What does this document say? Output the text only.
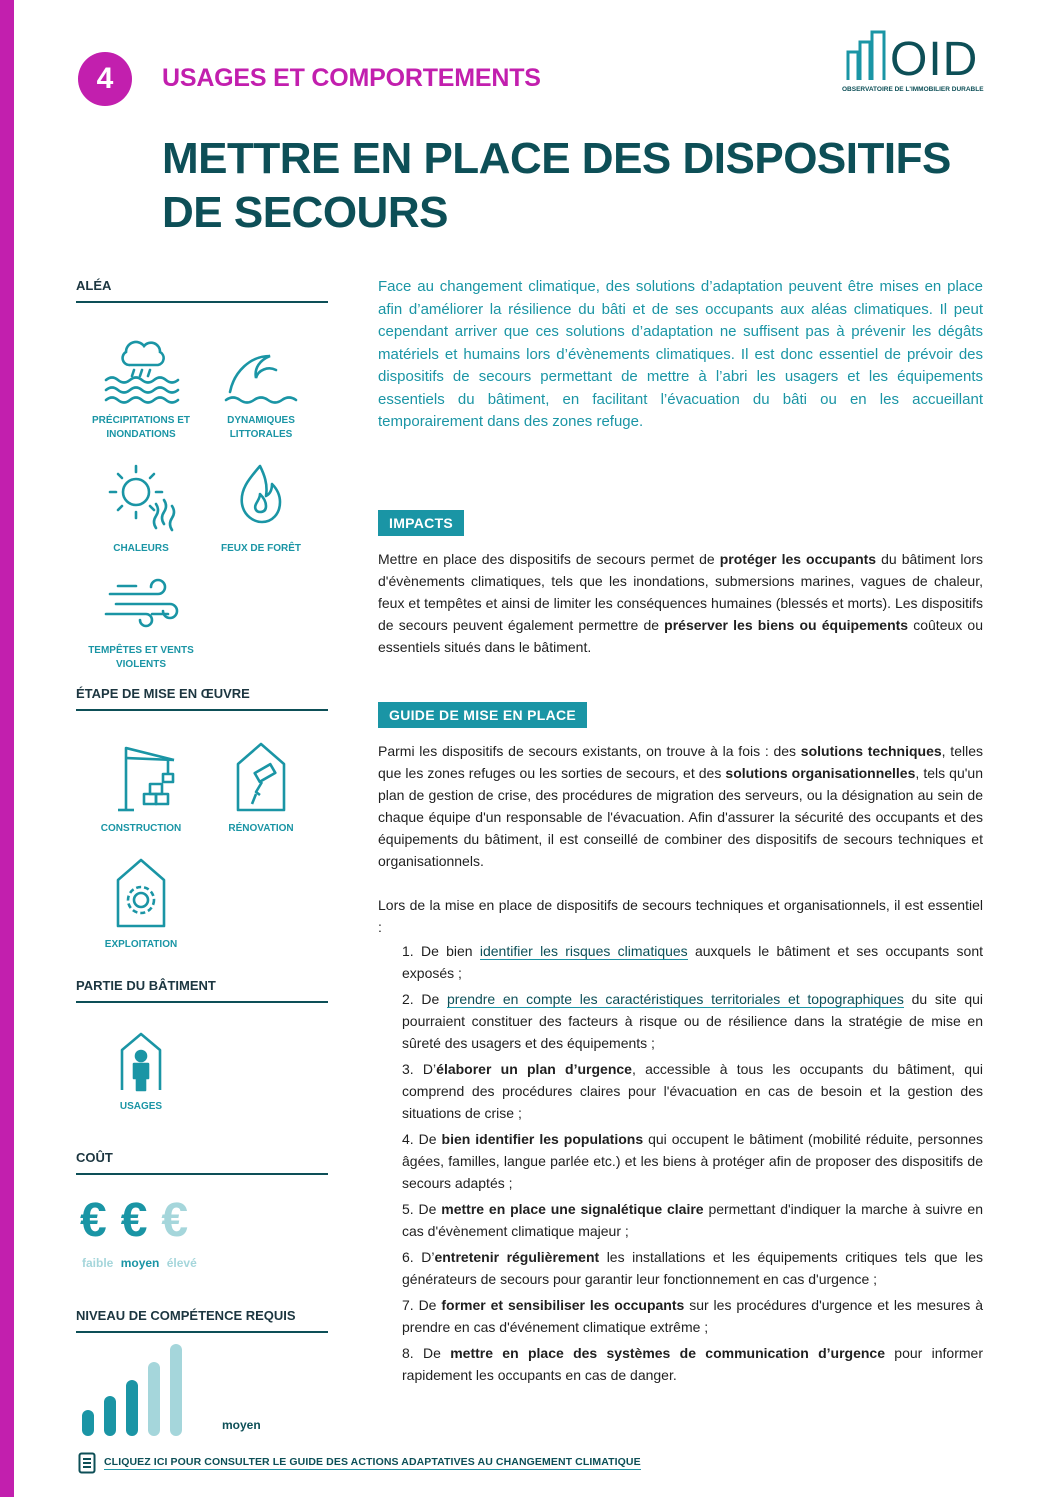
4	USAGES ET COMPORTEMENTS	OID
OBSERVATOIRE DE L'IMMOBILIER DURABLE
METTRE EN PLACE DES DISPOSITIFS
DE SECOURS
ALÉA
PRÉCIPITATIONS ET INONDATIONS
DYNAMIQUES LITTORALES
CHALEURS	FEUX DE FORÊT
TEMPÊTES ET VENTS VIOLENTS
ÉTAPE DE MISE EN ŒUVRE
CONSTRUCTION	RÉNOVATION
EXPLOITATION
PARTIE DU BÂTIMENT
USAGES
COÛT
€ € €
faible moyen élevé
NIVEAU DE COMPÉTENCE REQUIS
moyen

Face au changement climatique, des solutions d’adaptation peuvent être mises en place afin d’améliorer la résilience du bâti et de ses occupants aux aléas climatiques. Il peut cependant arriver que ces solutions d’adaptation ne suffisent pas à prévenir les dégâts matériels et humains lors d’évènements climatiques. Il est donc essentiel de prévoir des dispositifs de secours permettant de mettre à l’abri les usagers et les équipements essentiels du bâtiment, en facilitant l’évacuation du bâti ou en les accueillant temporairement dans des zones refuge.

IMPACTS

Mettre en place des dispositifs de secours permet de protéger les occupants du bâtiment lors d'évènements climatiques, tels que les inondations, submersions marines, vagues de chaleur, feux et tempêtes et ainsi de limiter les conséquences humaines (blessés et morts). Les dispositifs de secours peuvent également permettre de préserver les biens ou équipements coûteux ou essentiels situés dans le bâtiment.

GUIDE DE MISE EN PLACE

Parmi les dispositifs de secours existants, on trouve à la fois : des solutions techniques, telles que les zones refuges ou les sorties de secours, et des solutions organisationnelles, tels qu'un plan de gestion de crise, des procédures de migration des serveurs, ou la désignation au sein de chaque équipe d'un responsable de l'évacuation. Afin d'assurer la sécurité des occupants et des équipements du bâtiment, il est conseillé de combiner des dispositifs de secours techniques et organisationnels.

Lors de la mise en place de dispositifs de secours techniques et organisationnels, il est essentiel :

1. De bien identifier les risques climatiques auxquels le bâtiment et ses occupants sont exposés ;
2. De prendre en compte les caractéristiques territoriales et topographiques du site qui pourraient constituer des facteurs à risque ou de résilience dans la stratégie de mise en sûreté des usagers et des équipements ;
3. D’élaborer un plan d’urgence, accessible à tous les occupants du bâtiment, qui comprend des procédures claires pour l'évacuation en cas de besoin et la gestion des situations de crise ;
4. De bien identifier les populations qui occupent le bâtiment (mobilité réduite, personnes âgées, familles, langue parlée etc.) et les biens à protéger afin de proposer des dispositifs de secours adaptés ;
5. De mettre en place une signalétique claire permettant d'indiquer la marche à suivre en cas d'évènement climatique majeur ;
6. D’entretenir régulièrement les installations et les équipements critiques tels que les générateurs de secours pour garantir leur fonctionnement en cas d'urgence ;
7. De former et sensibiliser les occupants sur les procédures d'urgence et les mesures à prendre en cas d'événement climatique extrême ;
8. De mettre en place des systèmes de communication d’urgence pour informer rapidement les occupants en cas de danger.
CLIQUEZ ICI POUR CONSULTER LE GUIDE DES ACTIONS ADAPTATIVES AU CHANGEMENT CLIMATIQUE
